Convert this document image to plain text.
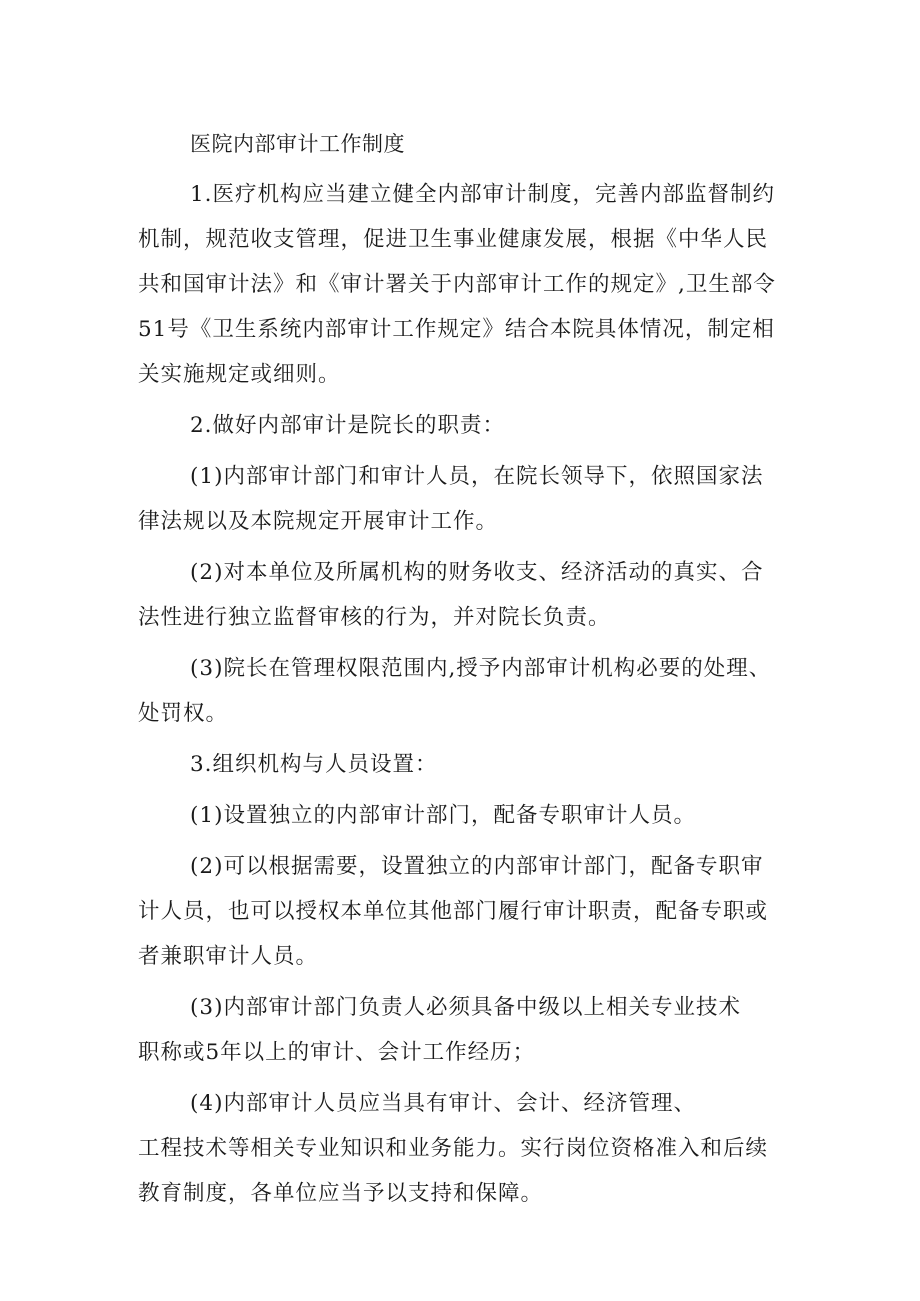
医院内部审计工作制度

1.医疗机构应当建立健全内部审计制度，完善内部监督制约

机制，规范收支管理，促进卫生事业健康发展，根据《中华人民

共和国审计法》和《审计署关于内部审计工作的规定》,卫生部令

51号《卫生系统内部审计工作规定》结合本院具体情况，制定相

关实施规定或细则。

2.做好内部审计是院长的职责：

(1)内部审计部门和审计人员，在院长领导下，依照国家法

律法规以及本院规定开展审计工作。

(2)对本单位及所属机构的财务收支、经济活动的真实、合

法性进行独立监督审核的行为，并对院长负责。

(3)院长在管理权限范围内,授予内部审计机构必要的处理、

处罚权。

3.组织机构与人员设置：

(1)设置独立的内部审计部门，配备专职审计人员。

(2)可以根据需要，设置独立的内部审计部门，配备专职审

计人员，也可以授权本单位其他部门履行审计职责，配备专职或

者兼职审计人员。

(3)内部审计部门负责人必须具备中级以上相关专业技术

职称或5年以上的审计、会计工作经历；

(4)内部审计人员应当具有审计、会计、经济管理、

工程技术等相关专业知识和业务能力。实行岗位资格准入和后续

教育制度，各单位应当予以支持和保障。
